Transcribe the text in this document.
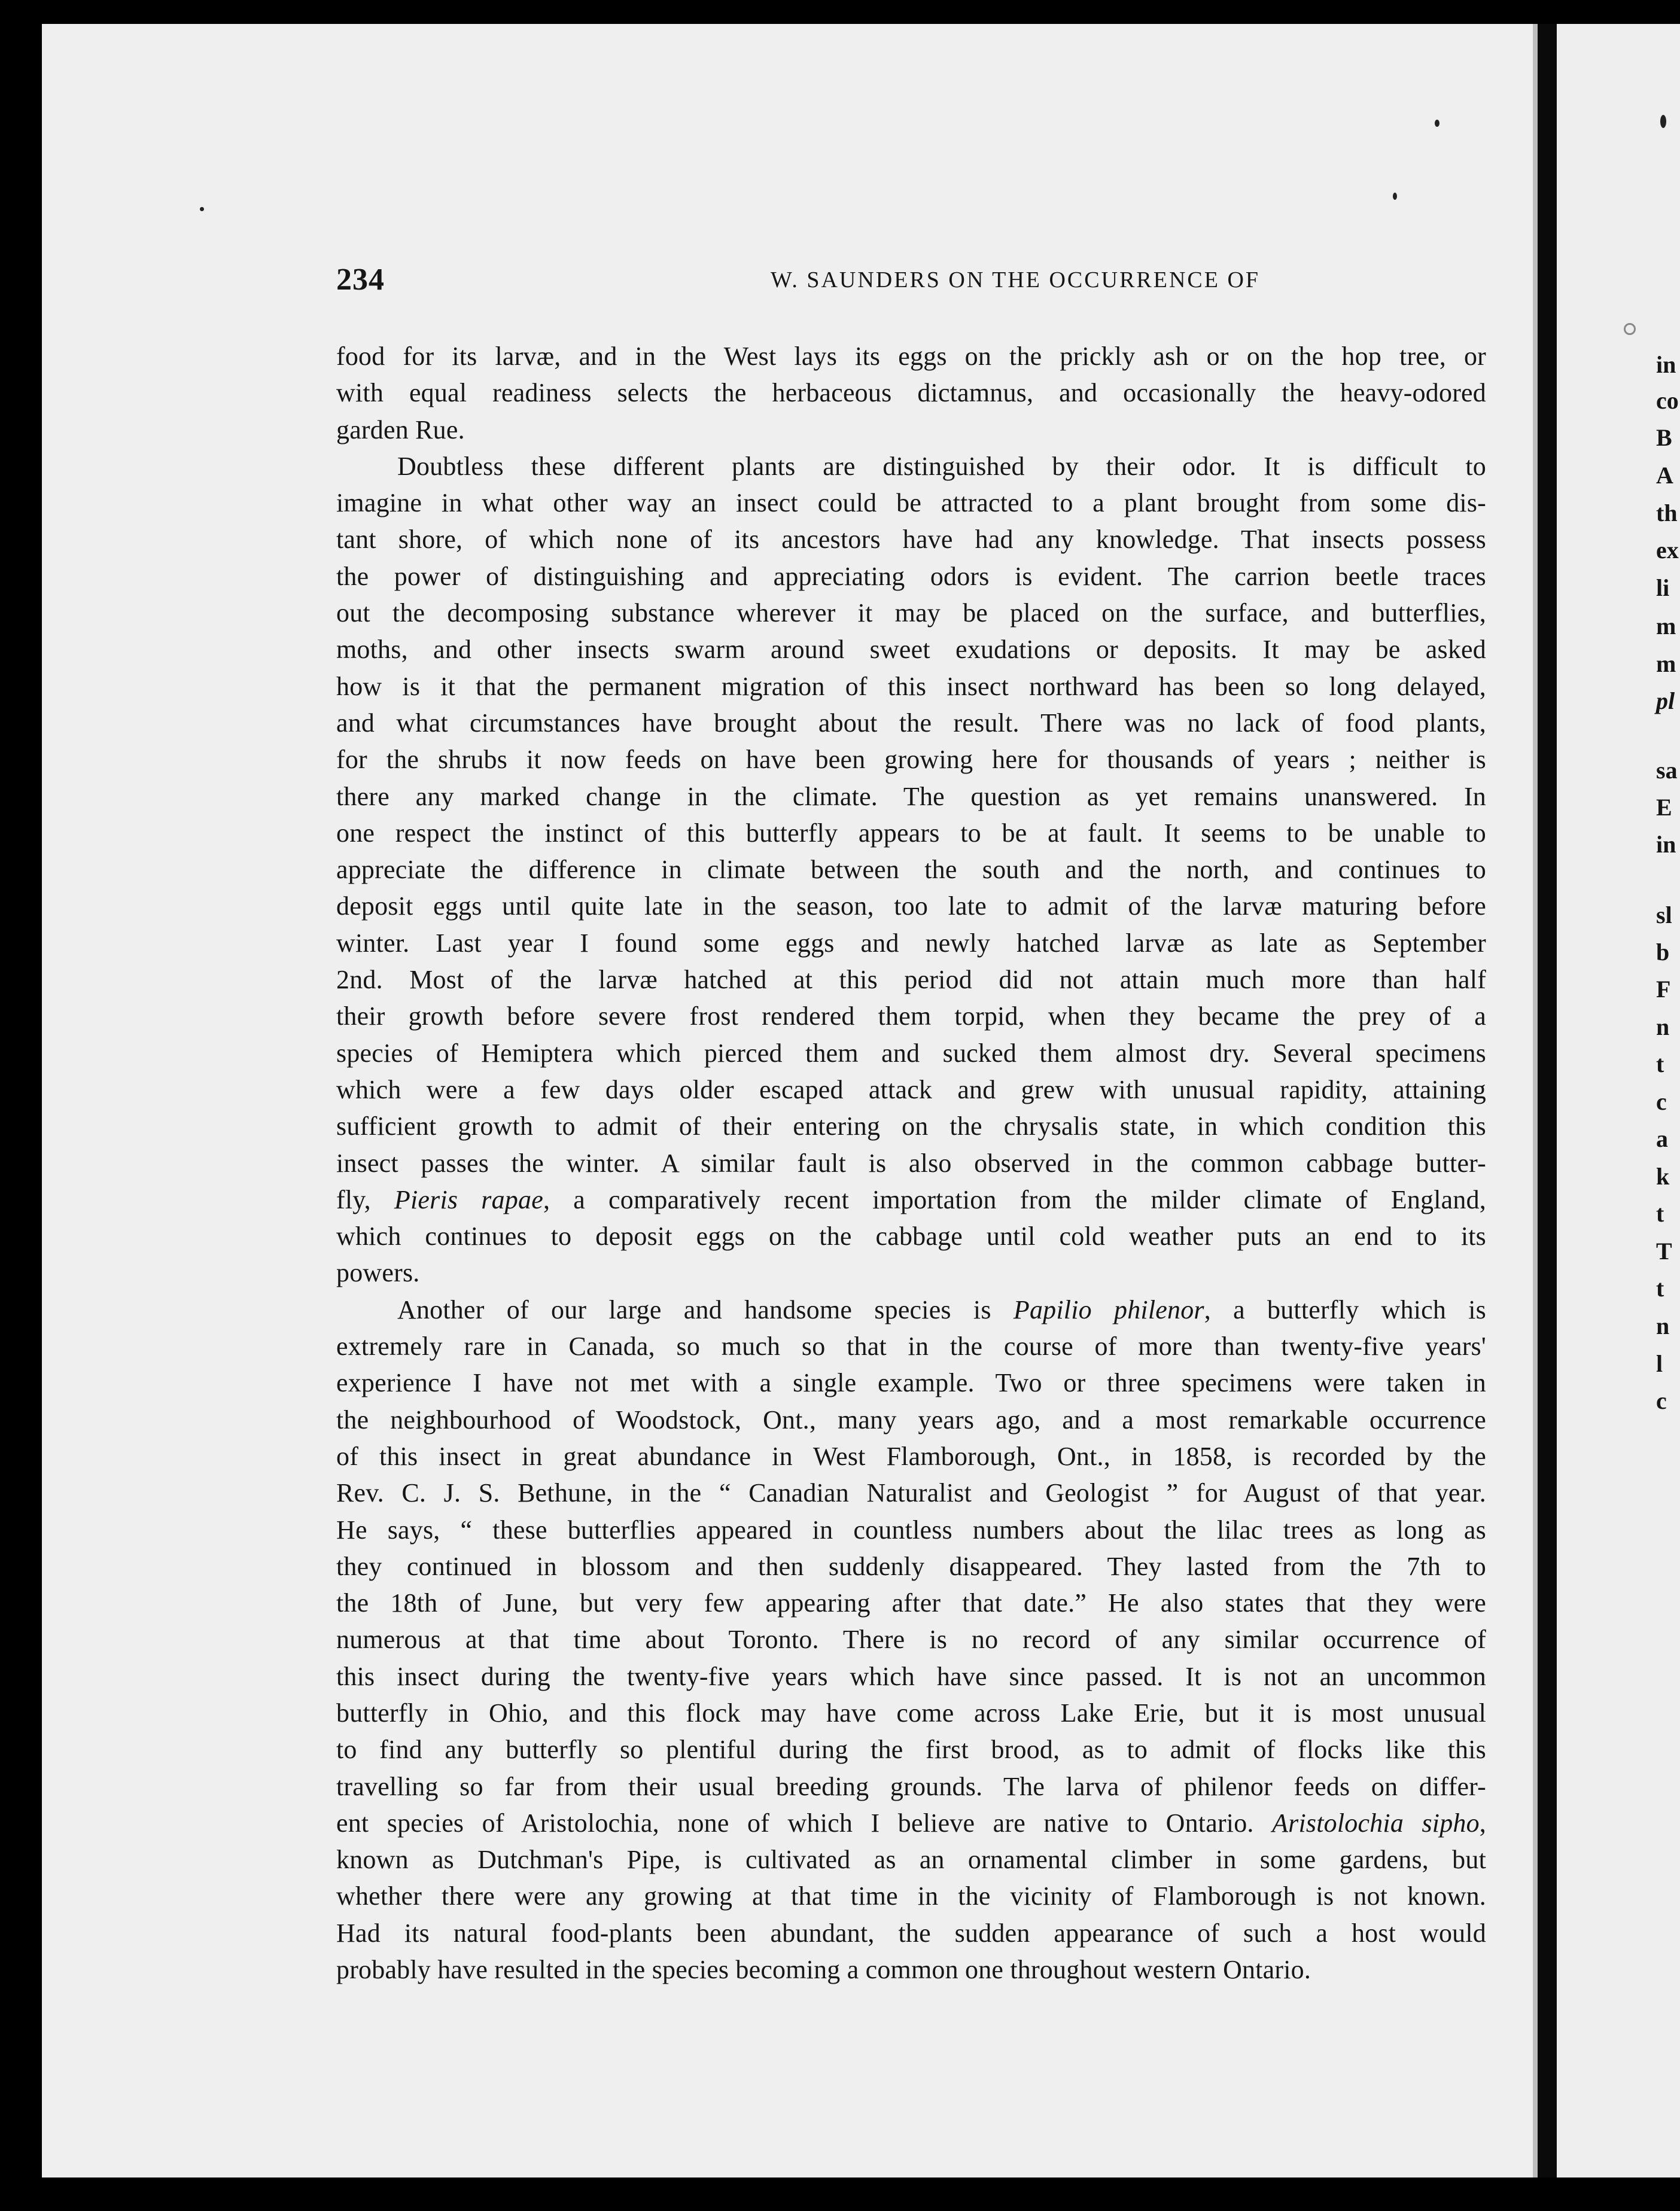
234	W. SAUNDERS ON THE OCCURRENCE OF
food for its larvæ, and in the West lays its eggs on the prickly ash or on the hop tree, or
with equal readiness selects the herbaceous dictamnus, and occasionally the heavy-odored
garden Rue.
Doubtless these different plants are distinguished by their odor. It is difficult to
imagine in what other way an insect could be attracted to a plant brought from some dis-
tant shore, of which none of its ancestors have had any knowledge. That insects possess
the power of distinguishing and appreciating odors is evident. The carrion beetle traces
out the decomposing substance wherever it may be placed on the surface, and butterflies,
moths, and other insects swarm around sweet exudations or deposits. It may be asked
how is it that the permanent migration of this insect northward has been so long delayed,
and what circumstances have brought about the result. There was no lack of food plants,
for the shrubs it now feeds on have been growing here for thousands of years ; neither is
there any marked change in the climate. The question as yet remains unanswered. In
one respect the instinct of this butterfly appears to be at fault. It seems to be unable to
appreciate the difference in climate between the south and the north, and continues to
deposit eggs until quite late in the season, too late to admit of the larvæ maturing before
winter. Last year I found some eggs and newly hatched larvæ as late as September
2nd. Most of the larvæ hatched at this period did not attain much more than half
their growth before severe frost rendered them torpid, when they became the prey of a
species of Hemiptera which pierced them and sucked them almost dry. Several specimens
which were a few days older escaped attack and grew with unusual rapidity, attaining
sufficient growth to admit of their entering on the chrysalis state, in which condition this
insect passes the winter. A similar fault is also observed in the common cabbage butter-
fly, Pieris rapae, a comparatively recent importation from the milder climate of England,
which continues to deposit eggs on the cabbage until cold weather puts an end to its
powers.
Another of our large and handsome species is Papilio philenor, a butterfly which is
extremely rare in Canada, so much so that in the course of more than twenty-five years'
experience I have not met with a single example. Two or three specimens were taken in
the neighbourhood of Woodstock, Ont., many years ago, and a most remarkable occurrence
of this insect in great abundance in West Flamborough, Ont., in 1858, is recorded by the
Rev. C. J. S. Bethune, in the “ Canadian Naturalist and Geologist ” for August of that year.
He says, “ these butterflies appeared in countless numbers about the lilac trees as long as
they continued in blossom and then suddenly disappeared. They lasted from the 7th to
the 18th of June, but very few appearing after that date.” He also states that they were
numerous at that time about Toronto. There is no record of any similar occurrence of
this insect during the twenty-five years which have since passed. It is not an uncommon
butterfly in Ohio, and this flock may have come across Lake Erie, but it is most unusual
to find any butterfly so plentiful during the first brood, as to admit of flocks like this
travelling so far from their usual breeding grounds. The larva of philenor feeds on differ-
ent species of Aristolochia, none of which I believe are native to Ontario. Aristolochia sipho,
known as Dutchman's Pipe, is cultivated as an ornamental climber in some gardens, but
whether there were any growing at that time in the vicinity of Flamborough is not known.
Had its natural food-plants been abundant, the sudden appearance of such a host would
probably have resulted in the species becoming a common one throughout western Ontario.
in
co
B
A
th
ex
li
m
m
pl
sa
E
in
sl
b
F
n
t
c
a
k
t
T
t
n
l
c
